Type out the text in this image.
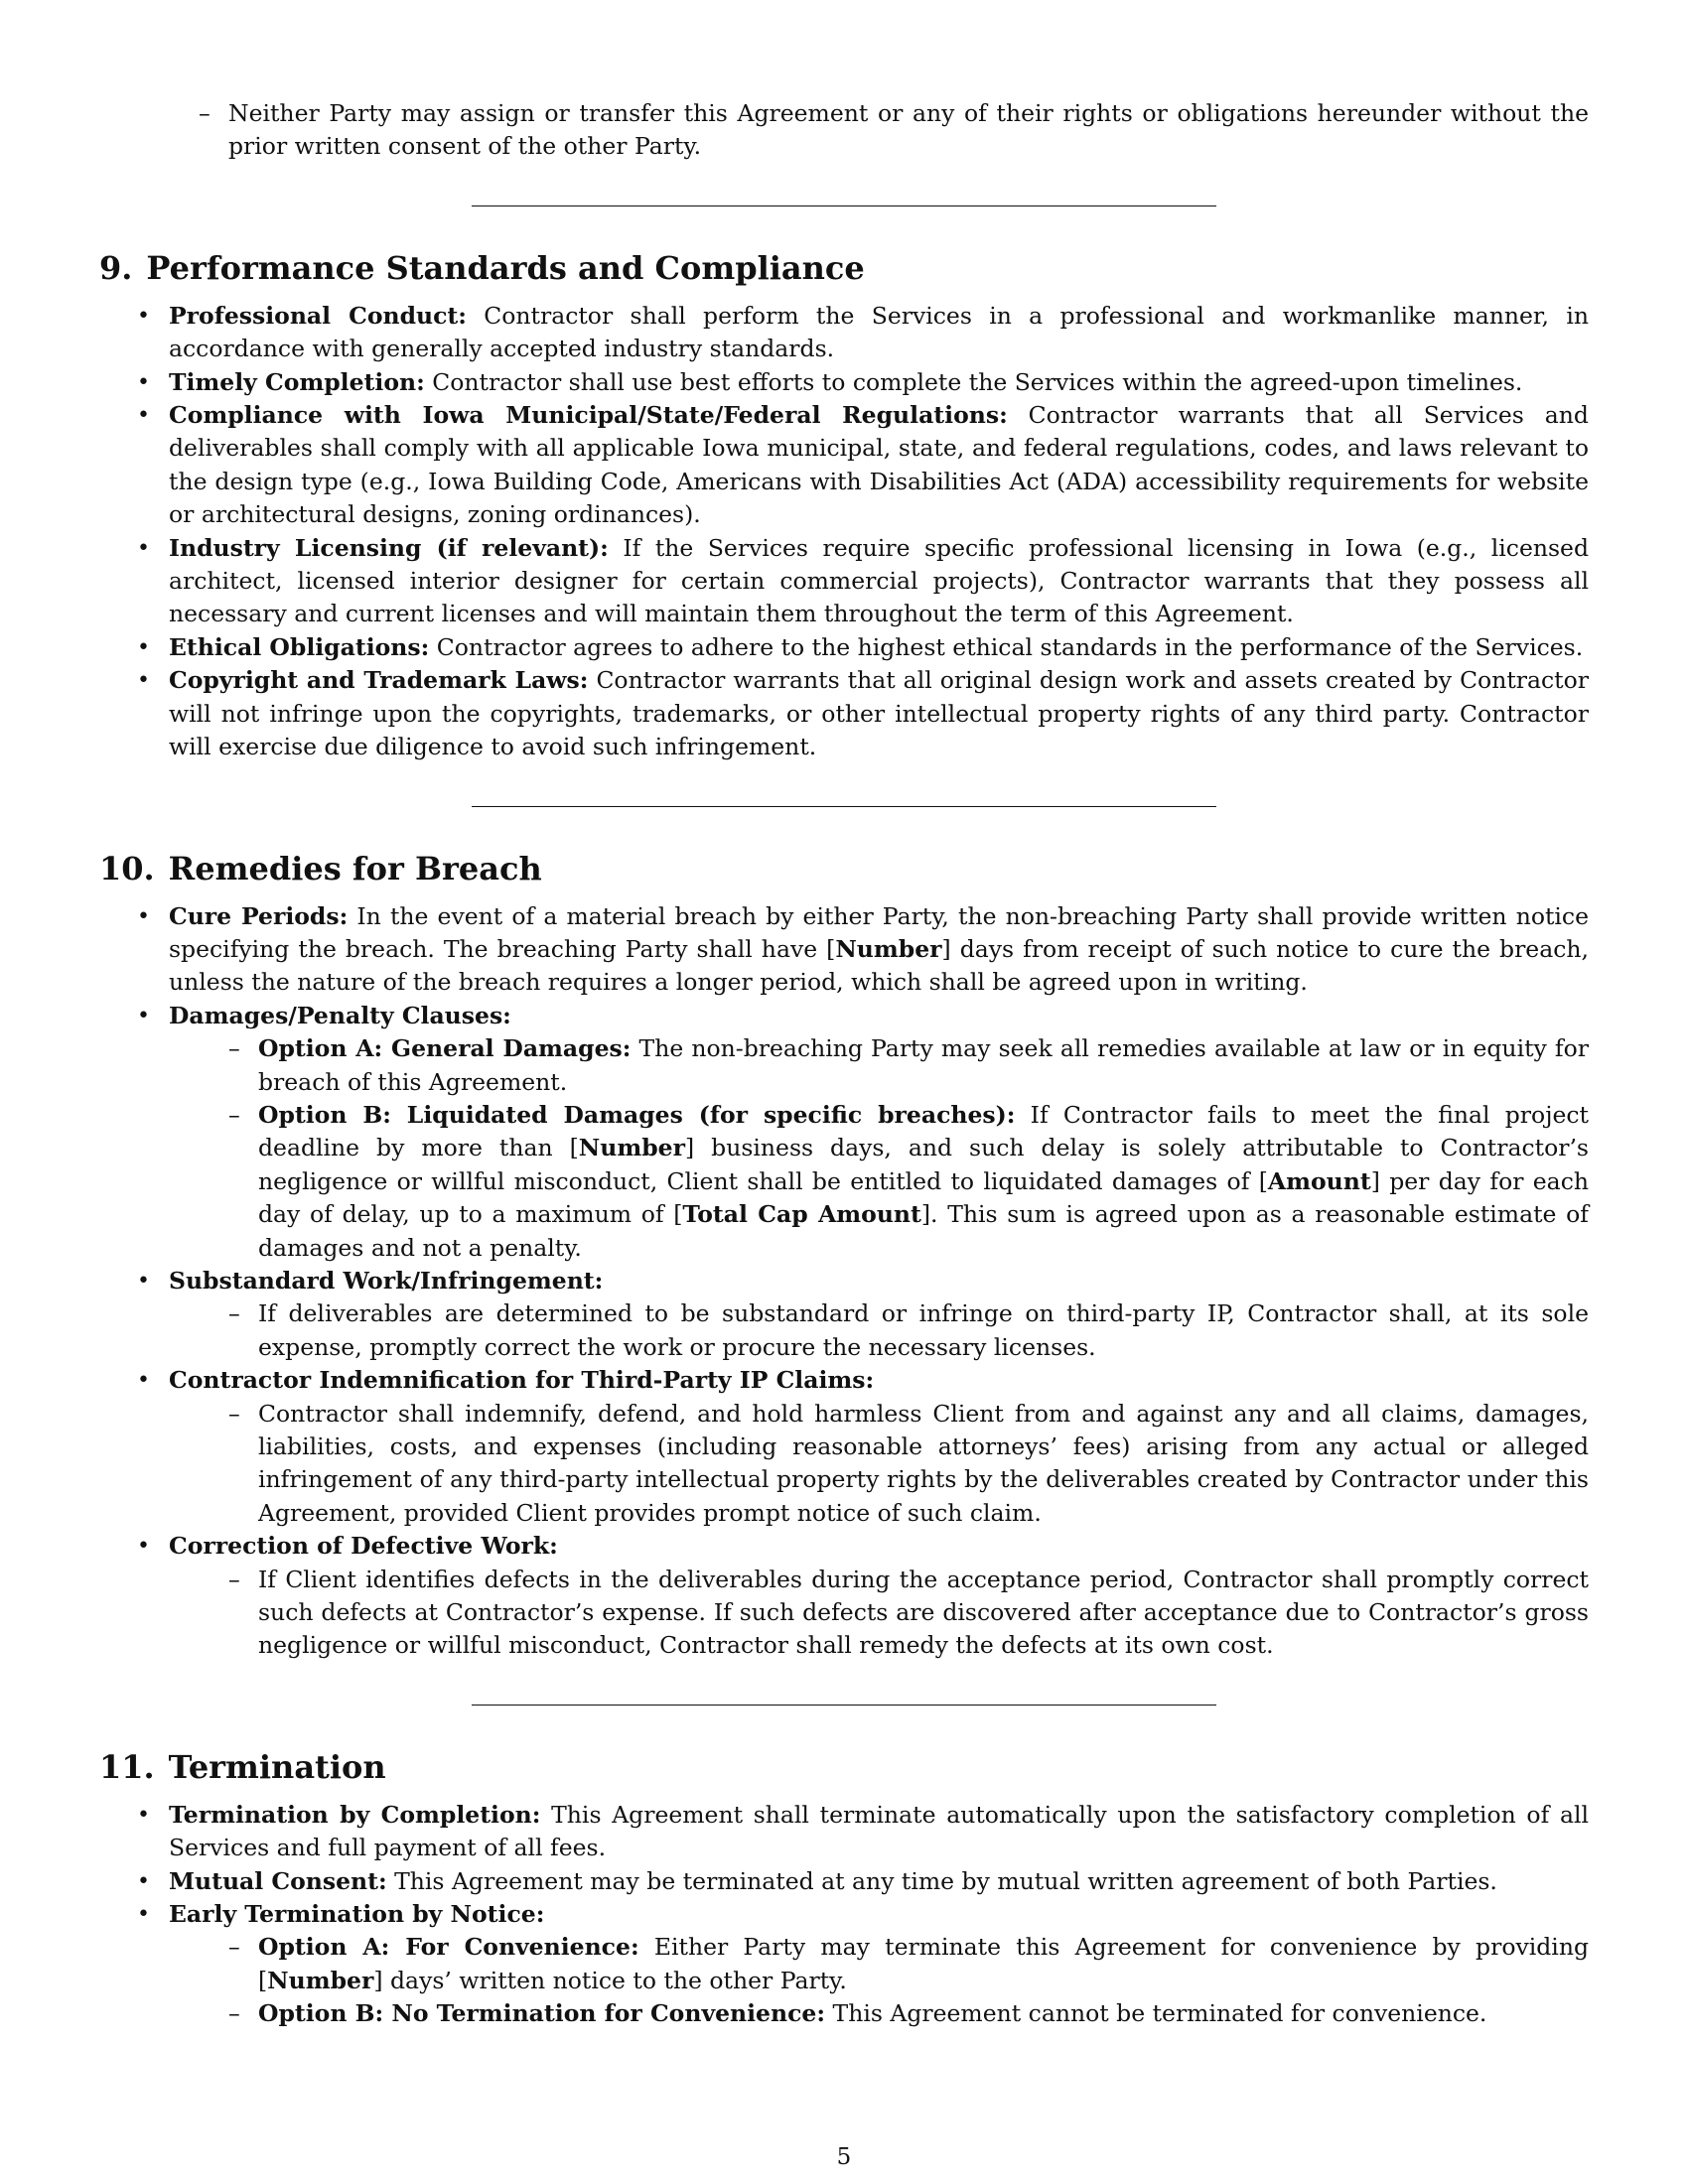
– Neither Party may assign or transfer this Agreement or any of their rights or obligations hereunder without the prior written consent of the other Party.
9. Performance Standards and Compliance
• Professional Conduct: Contractor shall perform the Services in a professional and workmanlike manner, in accordance with generally accepted industry standards.
• Timely Completion: Contractor shall use best efforts to complete the Services within the agreed-upon timelines.
• Compliance with Iowa Municipal/State/Federal Regulations: Contractor warrants that all Services and deliverables shall comply with all applicable Iowa municipal, state, and federal regulations, codes, and laws relevant to the design type (e.g., Iowa Building Code, Americans with Disabilities Act (ADA) accessibility requirements for website or architectural designs, zoning ordinances).
• Industry Licensing (if relevant): If the Services require specific professional licensing in Iowa (e.g., licensed architect, licensed interior designer for certain commercial projects), Contractor warrants that they possess all necessary and current licenses and will maintain them throughout the term of this Agreement.
• Ethical Obligations: Contractor agrees to adhere to the highest ethical standards in the performance of the Services.
• Copyright and Trademark Laws: Contractor warrants that all original design work and assets created by Contractor will not infringe upon the copyrights, trademarks, or other intellectual property rights of any third party. Contractor will exercise due diligence to avoid such infringement.
10. Remedies for Breach
• Cure Periods: In the event of a material breach by either Party, the non-breaching Party shall provide written notice specifying the breach. The breaching Party shall have [Number] days from receipt of such notice to cure the breach, unless the nature of the breach requires a longer period, which shall be agreed upon in writing.
• Damages/Penalty Clauses:
– Option A: General Damages: The non-breaching Party may seek all remedies available at law or in equity for breach of this Agreement.
– Option B: Liquidated Damages (for specific breaches): If Contractor fails to meet the final project deadline by more than [Number] business days, and such delay is solely attributable to Contractor’s negligence or willful misconduct, Client shall be entitled to liquidated damages of [Amount] per day for each day of delay, up to a maximum of [Total Cap Amount]. This sum is agreed upon as a reasonable estimate of damages and not a penalty.
• Substandard Work/Infringement:
– If deliverables are determined to be substandard or infringe on third-party IP, Contractor shall, at its sole expense, promptly correct the work or procure the necessary licenses.
• Contractor Indemnification for Third-Party IP Claims:
– Contractor shall indemnify, defend, and hold harmless Client from and against any and all claims, damages, liabilities, costs, and expenses (including reasonable attorneys’ fees) arising from any actual or alleged infringement of any third-party intellectual property rights by the deliverables created by Contractor under this Agreement, provided Client provides prompt notice of such claim.
• Correction of Defective Work:
– If Client identifies defects in the deliverables during the acceptance period, Contractor shall promptly correct such defects at Contractor’s expense. If such defects are discovered after acceptance due to Contractor’s gross negligence or willful misconduct, Contractor shall remedy the defects at its own cost.
11. Termination
• Termination by Completion: This Agreement shall terminate automatically upon the satisfactory completion of all Services and full payment of all fees.
• Mutual Consent: This Agreement may be terminated at any time by mutual written agreement of both Parties.
• Early Termination by Notice:
– Option A: For Convenience: Either Party may terminate this Agreement for convenience by providing [Number] days’ written notice to the other Party.
– Option B: No Termination for Convenience: This Agreement cannot be terminated for convenience.
5
